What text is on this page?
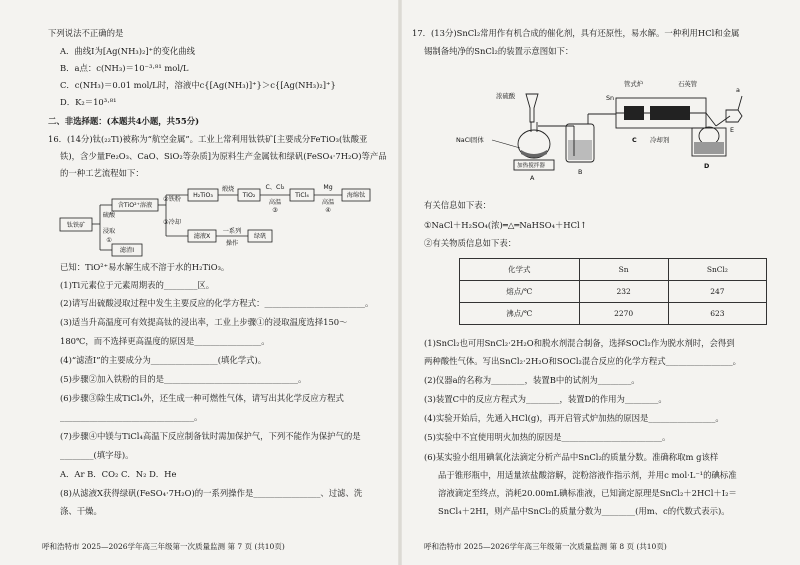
下列说法不正确的是
A．曲线Ⅰ为[Ag(NH₃)₂]⁺的变化曲线
B．a点：c(NH₃)＝10⁻³·⁸¹ mol/L
C．c(NH₃)＝0.01 mol/L时，溶液中c{[Ag(NH₃)]⁺}＞c{[Ag(NH₃)₂]⁺}
D．K₂＝10³·⁸¹
二、非选择题：(本题共4小题，共55分)
16．(14分)钛(₂₂Ti)被称为“航空金属”。工业上常利用钛铁矿[主要成分FeTiO₃(钛酸亚
铁)，含少量Fe₂O₃、CaO、SiO₂等杂质]为原料生产金属钛和绿矾(FeSO₄·7H₂O)等产品
的一种工艺流程如下：
钛铁矿
硫酸
浸取
①
含TiO²⁺溶液
滤渣Ⅰ
②铁粉
③冷却
H₂TiO₃
滤液X
一系列
操作
绿矾
煅烧
TiO₂
C、Cl₂
高温
③
TiCl₄
Mg
高温
④
海绵钛
已知：TiO²⁺易水解生成不溶于水的H₂TiO₃。
(1)Ti元素位于元素周期表的________区。
(2)请写出硫酸浸取过程中发生主要反应的化学方程式：________________________。
(3)适当升高温度可有效提高钛的浸出率，工业上步骤①的浸取温度选择150～
180℃，而不选择更高温度的原因是________________。
(4)“滤渣Ⅰ”的主要成分为________________(填化学式)。
(5)步骤②加入铁粉的目的是________________________________。
(6)步骤③除生成TiCl₄外，还生成一种可燃性气体，请写出其化学反应方程式
________________________________。
(7)步骤④中镁与TiCl₄高温下反应制备钛时需加保护气，下列不能作为保护气的是
________(填字母)。
A．Ar B．CO₂ C．N₂ D．He
(8)从滤液X获得绿矾(FeSO₄·7H₂O)的一系列操作是________________、过滤、洗
涤、干燥。
呼和浩特市 2025—2026学年高三年级第一次质量监测 第 7 页 (共10页)
17．(13分)SnCl₂常用作有机合成的催化剂，具有还原性，易水解。一种利用HCl和金属
锡制备纯净的SnCl₂的装置示意图如下：
浓硫酸
NaCl固体
加热搅拌器
A
B
管式炉	石英管
Sn
C 冷却剂
D
E
a
有关信息如下表：
①NaCl＋H₂SO₄(浓)═△═NaHSO₄＋HCl↑
②有关物质信息如下表：
化学式	Sn	SnCl₂
熔点/℃	232	247
沸点/℃	2270	623
(1)SnCl₂也可用SnCl₂·2H₂O和脱水剂混合制备，选择SOCl₂作为脱水剂时，会得到
两种酸性气体。写出SnCl₂·2H₂O和SOCl₂混合反应的化学方程式________________。
(2)仪器a的名称为________，装置B中的试剂为________。
(3)装置C中的反应方程式为________，装置D的作用为________。
(4)实验开始后，先通入HCl(g)，再开启管式炉加热的原因是________________。
(5)实验中不宜使用明火加热的原因是________________________。
(6)某实验小组用碘氧化法滴定分析产品中SnCl₂的质量分数。准确称取m g该样
品于锥形瓶中，用适量浓盐酸溶解，淀粉溶液作指示剂，并用c mol·L⁻¹的碘标准
溶液滴定至终点，消耗20.00mL碘标准液，已知滴定原理是SnCl₂＋2HCl＋I₂＝
SnCl₄＋2HI，则产品中SnCl₂的质量分数为________(用m、c的代数式表示)。
呼和浩特市 2025—2026学年高三年级第一次质量监测 第 8 页 (共10页)
